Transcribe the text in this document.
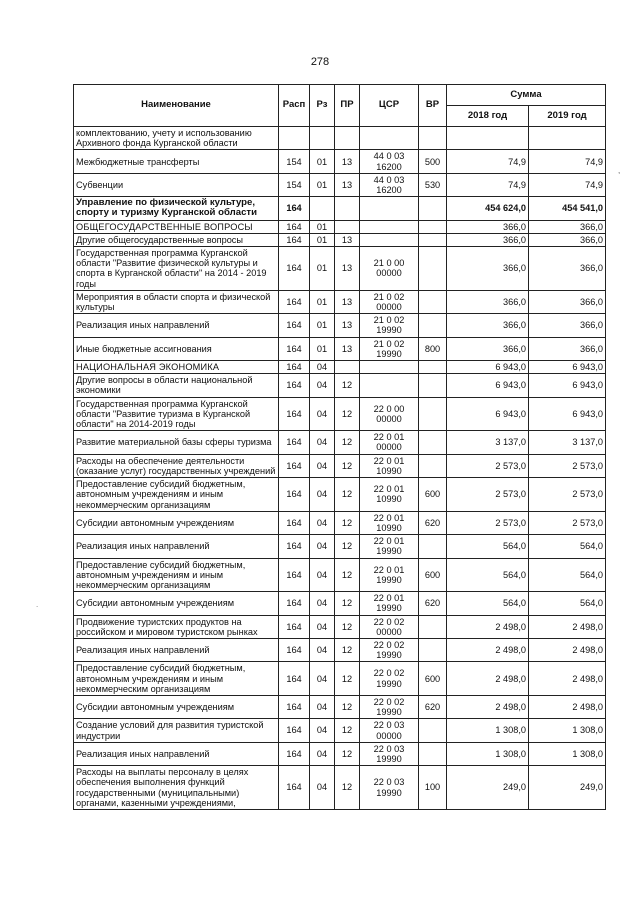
278
Наименование	Расп	Рз	ПР	ЦСР	ВР	Сумма	
						2018 год	2019 год
комплектованию, учету и использованию Архивного фонда Курганской области							
Межбюджетные трансферты	154	01	13	44 0 03 16200	500	74,9	74,9
Субвенции	154	01	13	44 0 03 16200	530	74,9	74,9
Управление по физической культуре, спорту и туризму Курганской области	164					454 624,0	454 541,0
ОБЩЕГОСУДАРСТВЕННЫЕ ВОПРОСЫ	164	01				366,0	366,0
Другие общегосударственные вопросы	164	01	13			366,0	366,0
Государственная программа Курганской области "Развитие физической культуры и спорта в Курганской области" на 2014 - 2019 годы	164	01	13	21 0 00 00000		366,0	366,0
Мероприятия в области спорта и физической культуры	164	01	13	21 0 02 00000		366,0	366,0
Реализация иных направлений	164	01	13	21 0 02 19990		366,0	366,0
Иные бюджетные ассигнования	164	01	13	21 0 02 19990	800	366,0	366,0
НАЦИОНАЛЬНАЯ ЭКОНОМИКА	164	04				6 943,0	6 943,0
Другие вопросы в области национальной экономики	164	04	12			6 943,0	6 943,0
Государственная программа Курганской области "Развитие туризма в Курганской области" на 2014-2019 годы	164	04	12	22 0 00 00000		6 943,0	6 943,0
Развитие материальной базы сферы туризма	164	04	12	22 0 01 00000		3 137,0	3 137,0
Расходы на обеспечение деятельности (оказание услуг) государственных учреждений	164	04	12	22 0 01 10990		2 573,0	2 573,0
Предоставление субсидий бюджетным, автономным учреждениям и иным некоммерческим организациям	164	04	12	22 0 01 10990	600	2 573,0	2 573,0
Субсидии автономным учреждениям	164	04	12	22 0 01 10990	620	2 573,0	2 573,0
Реализация иных направлений	164	04	12	22 0 01 19990		564,0	564,0
Предоставление субсидий бюджетным, автономным учреждениям и иным некоммерческим организациям	164	04	12	22 0 01 19990	600	564,0	564,0
Субсидии автономным учреждениям	164	04	12	22 0 01 19990	620	564,0	564,0
Продвижение туристских продуктов на российском и мировом туристском рынках	164	04	12	22 0 02 00000		2 498,0	2 498,0
Реализация иных направлений	164	04	12	22 0 02 19990		2 498,0	2 498,0
Предоставление субсидий бюджетным, автономным учреждениям и иным некоммерческим организациям	164	04	12	22 0 02 19990	600	2 498,0	2 498,0
Субсидии автономным учреждениям	164	04	12	22 0 02 19990	620	2 498,0	2 498,0
Создание условий для развития туристской индустрии	164	04	12	22 0 03 00000		1 308,0	1 308,0
Реализация иных направлений	164	04	12	22 0 03 19990		1 308,0	1 308,0
Расходы на выплаты персоналу в целях обеспечения выполнения функций государственными (муниципальными) органами, казенными учреждениями,	164	04	12	22 0 03 19990	100	249,0	249,0
,
.
